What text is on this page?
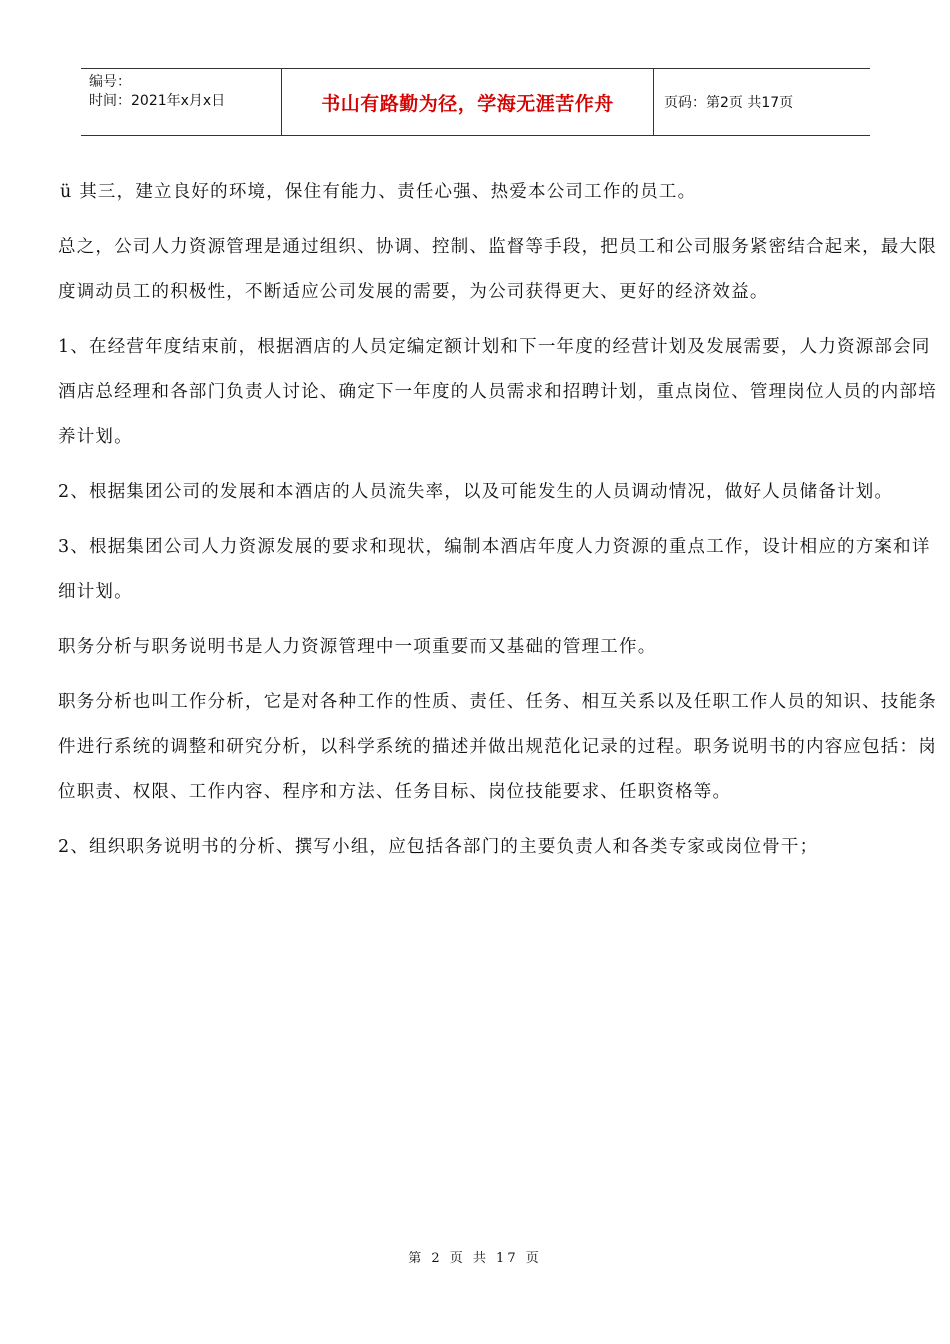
编号：
时间：2021年x月x日	书山有路勤为径，学海无涯苦作舟	页码：第2页 共17页

ü 其三，建立良好的环境，保住有能力、责任心强、热爱本公司工作的员工。

总之，公司人力资源管理是通过组织、协调、控制、监督等手段，把员工和公司服务紧密结合起来，最大限度调动员工的积极性，不断适应公司发展的需要，为公司获得更大、更好的经济效益。

1、在经营年度结束前，根据酒店的人员定编定额计划和下一年度的经营计划及发展需要，人力资源部会同酒店总经理和各部门负责人讨论、确定下一年度的人员需求和招聘计划，重点岗位、管理岗位人员的内部培养计划。

2、根据集团公司的发展和本酒店的人员流失率，以及可能发生的人员调动情况，做好人员储备计划。

3、根据集团公司人力资源发展的要求和现状，编制本酒店年度人力资源的重点工作，设计相应的方案和详细计划。

职务分析与职务说明书是人力资源管理中一项重要而又基础的管理工作。

职务分析也叫工作分析，它是对各种工作的性质、责任、任务、相互关系以及任职工作人员的知识、技能条件进行系统的调整和研究分析，以科学系统的描述并做出规范化记录的过程。职务说明书的内容应包括：岗位职责、权限、工作内容、程序和方法、任务目标、岗位技能要求、任职资格等。

2、组织职务说明书的分析、撰写小组，应包括各部门的主要负责人和各类专家或岗位骨干；

第 2 页 共 17 页
